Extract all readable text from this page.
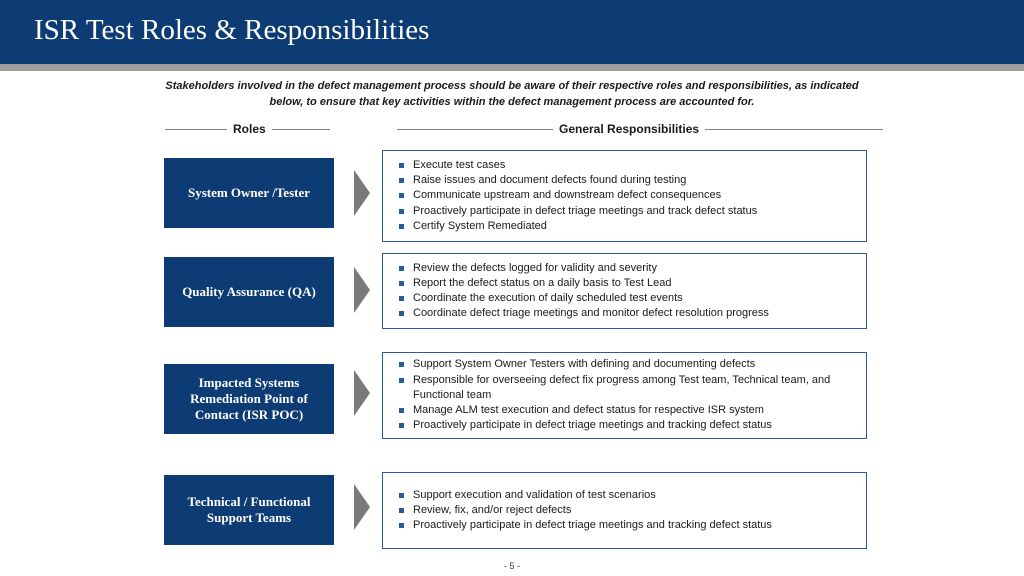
ISR Test Roles & Responsibilities
Stakeholders involved in the defect management process should be aware of their respective roles and responsibilities, as indicated below, to ensure that key activities within the defect management process are accounted for.
Roles	General Responsibilities
System Owner /Tester
Execute test cases
Raise issues and document defects found during testing
Communicate upstream and downstream defect consequences
Proactively participate in defect triage meetings and track defect status
Certify System Remediated
Quality Assurance (QA)
Review the defects logged for validity and severity
Report the defect status on a daily basis to Test Lead
Coordinate the execution of daily scheduled test events
Coordinate defect triage meetings and monitor defect resolution progress
Impacted Systems Remediation Point of Contact (ISR POC)
Support System Owner Testers with defining and documenting defects
Responsible for overseeing defect fix progress among Test team, Technical team, and Functional team
Manage ALM test execution and defect status for respective ISR system
Proactively participate in defect triage meetings and tracking defect status
Technical / Functional Support Teams
Support execution and validation of test scenarios
Review, fix, and/or reject defects
Proactively participate in defect triage meetings and tracking defect status
- 5 -
